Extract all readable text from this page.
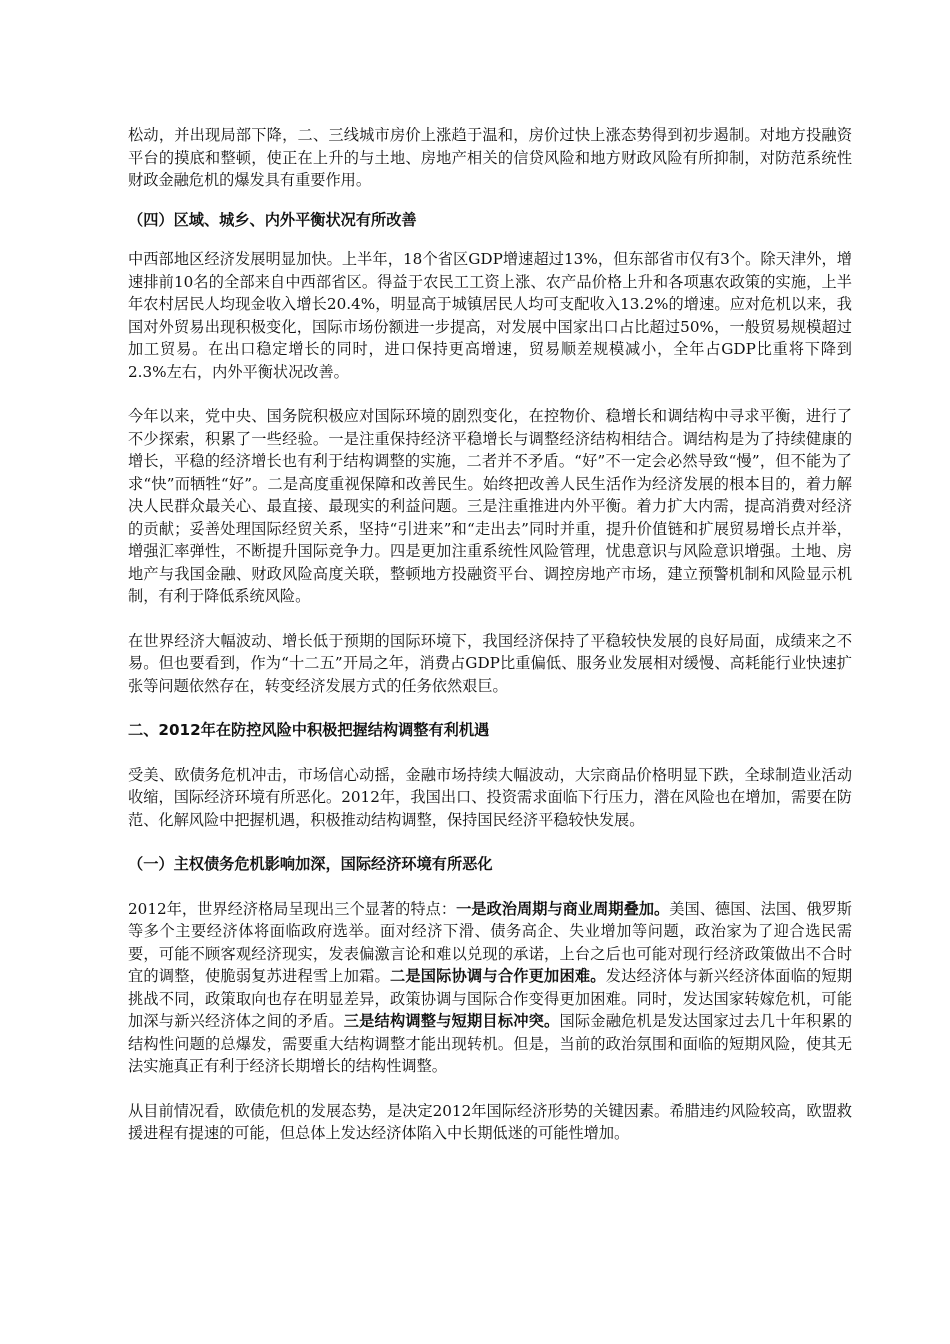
松动，并出现局部下降，二、三线城市房价上涨趋于温和，房价过快上涨态势得到初步遏制。对地方投融资平台的摸底和整顿，使正在上升的与土地、房地产相关的信贷风险和地方财政风险有所抑制，对防范系统性财政金融危机的爆发具有重要作用。

（四）区域、城乡、内外平衡状况有所改善

中西部地区经济发展明显加快。上半年，18个省区GDP增速超过13%，但东部省市仅有3个。除天津外，增速排前10名的全部来自中西部省区。得益于农民工工资上涨、农产品价格上升和各项惠农政策的实施，上半年农村居民人均现金收入增长20.4%，明显高于城镇居民人均可支配收入13.2%的增速。应对危机以来，我国对外贸易出现积极变化，国际市场份额进一步提高，对发展中国家出口占比超过50%，一般贸易规模超过加工贸易。在出口稳定增长的同时，进口保持更高增速，贸易顺差规模减小，全年占GDP比重将下降到2.3%左右，内外平衡状况改善。

今年以来，党中央、国务院积极应对国际环境的剧烈变化，在控物价、稳增长和调结构中寻求平衡，进行了不少探索，积累了一些经验。一是注重保持经济平稳增长与调整经济结构相结合。调结构是为了持续健康的增长，平稳的经济增长也有利于结构调整的实施，二者并不矛盾。“好”不一定会必然导致“慢”，但不能为了求“快”而牺牲“好”。二是高度重视保障和改善民生。始终把改善人民生活作为经济发展的根本目的，着力解决人民群众最关心、最直接、最现实的利益问题。三是注重推进内外平衡。着力扩大内需，提高消费对经济的贡献；妥善处理国际经贸关系，坚持“引进来”和“走出去”同时并重，提升价值链和扩展贸易增长点并举，增强汇率弹性，不断提升国际竞争力。四是更加注重系统性风险管理，忧患意识与风险意识增强。土地、房地产与我国金融、财政风险高度关联，整顿地方投融资平台、调控房地产市场，建立预警机制和风险显示机制，有利于降低系统风险。

在世界经济大幅波动、增长低于预期的国际环境下，我国经济保持了平稳较快发展的良好局面，成绩来之不易。但也要看到，作为“十二五”开局之年，消费占GDP比重偏低、服务业发展相对缓慢、高耗能行业快速扩张等问题依然存在，转变经济发展方式的任务依然艰巨。

二、2012年在防控风险中积极把握结构调整有利机遇

受美、欧债务危机冲击，市场信心动摇，金融市场持续大幅波动，大宗商品价格明显下跌，全球制造业活动收缩，国际经济环境有所恶化。2012年，我国出口、投资需求面临下行压力，潜在风险也在增加，需要在防范、化解风险中把握机遇，积极推动结构调整，保持国民经济平稳较快发展。

（一）主权债务危机影响加深，国际经济环境有所恶化

2012年，世界经济格局呈现出三个显著的特点：一是政治周期与商业周期叠加。美国、德国、法国、俄罗斯等多个主要经济体将面临政府选举。面对经济下滑、债务高企、失业增加等问题，政治家为了迎合选民需要，可能不顾客观经济现实，发表偏激言论和难以兑现的承诺，上台之后也可能对现行经济政策做出不合时宜的调整，使脆弱复苏进程雪上加霜。二是国际协调与合作更加困难。发达经济体与新兴经济体面临的短期挑战不同，政策取向也存在明显差异，政策协调与国际合作变得更加困难。同时，发达国家转嫁危机，可能加深与新兴经济体之间的矛盾。三是结构调整与短期目标冲突。国际金融危机是发达国家过去几十年积累的结构性问题的总爆发，需要重大结构调整才能出现转机。但是，当前的政治氛围和面临的短期风险，使其无法实施真正有利于经济长期增长的结构性调整。

从目前情况看，欧债危机的发展态势，是决定2012年国际经济形势的关键因素。希腊违约风险较高，欧盟救援进程有提速的可能，但总体上发达经济体陷入中长期低迷的可能性增加。
